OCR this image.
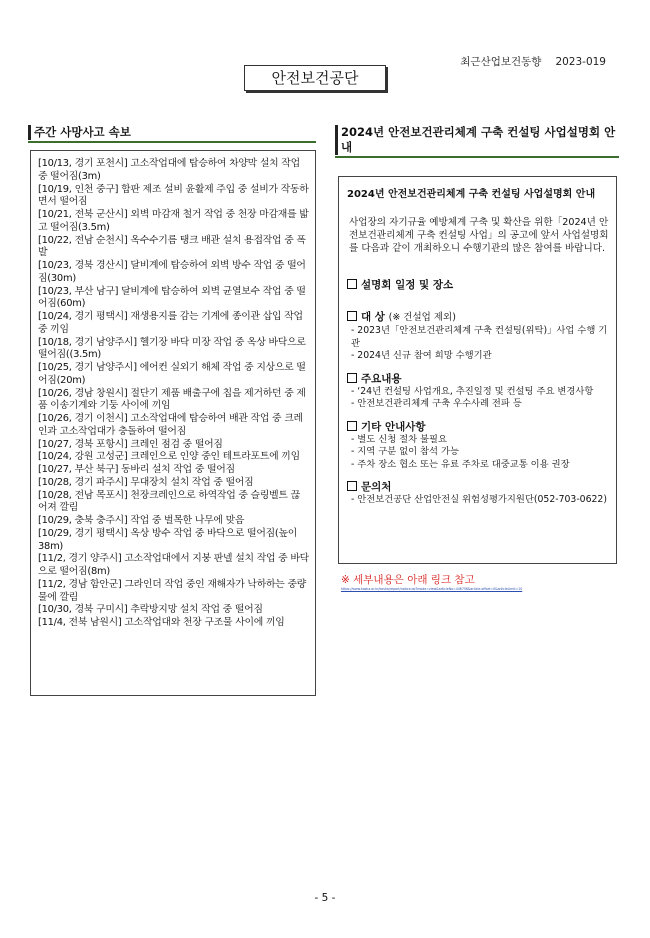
최근산업보건동향 2023-019
안전보건공단
주간 사망사고 속보
[10/13, 경기 포천시] 고소작업대에 탑승하여 차양막 설치 작업 중 떨어짐(3m)
[10/19, 인천 중구] 합판 제조 설비 윤활제 주입 중 설비가 작동하면서 떨어짐
[10/21, 전북 군산시] 외벽 마감재 철거 작업 중 천장 마감재를 밟고 떨어짐(3.5m)
[10/22, 전남 순천시] 옥수수기름 탱크 배관 설치 용접작업 중 폭발
[10/23, 경북 경산시] 달비계에 탑승하여 외벽 방수 작업 중 떨어짐(30m)
[10/23, 부산 남구] 달비계에 탑승하여 외벽 균열보수 작업 중 떨어짐(60m)
[10/24, 경기 평택시] 재생용지를 감는 기계에 종이관 삽입 작업 중 끼임
[10/18, 경기 남양주시] 헬기장 바닥 미장 작업 중 옥상 바닥으로 떨어짐((3.5m)
[10/25, 경기 남양주시] 에어컨 실외기 해체 작업 중 지상으로 떨어짐(20m)
[10/26, 경남 창원시] 절단기 제품 배출구에 칩을 제거하던 중 제품 이송기계와 기둥 사이에 끼임
[10/26, 경기 이천시] 고소작업대에 탑승하여 배관 작업 중 크레인과 고소작업대가 충돌하여 떨어짐
[10/27, 경북 포항시] 크레인 점검 중 떨어짐
[10/24, 강원 고성군] 크레인으로 인양 중인 테트라포트에 끼임
[10/27, 부산 북구] 동바리 설치 작업 중 떨어짐
[10/28, 경기 파주시] 무대장치 설치 작업 중 떨어짐
[10/28, 전남 목포시] 천장크레인으로 하역작업 중 슬링벨트 끊어져 깔림
[10/29, 충북 충주시] 작업 중 벌목한 나무에 맞음
[10/29, 경기 평택시] 옥상 방수 작업 중 바닥으로 떨어짐(높이 38m)
[11/2, 경기 양주시] 고소작업대에서 지붕 판넬 설치 작업 중 바닥으로 떨어짐(8m)
[11/2, 경남 함안군] 그라인더 작업 중인 재해자가 낙하하는 중량물에 깔림
[10/30, 경북 구미시] 추락방지망 설치 작업 중 떨어짐
[11/4, 전북 남원시] 고소작업대와 천장 구조물 사이에 끼임
2024년 안전보건관리체계 구축 컨설팅 사업설명회 안내
2024년 안전보건관리체계 구축 컨설팅 사업설명회 안내
사업장의 자기규율 예방체계 구축 및 확산을 위한「2024년 안전보건관리체계 구축 컨설팅 사업」의 공고에 앞서 사업설명회를 다음과 같이 개최하오니 수행기관의 많은 참여를 바랍니다.
설명회 일정 및 장소
대 상 (※ 건설업 제외)
- 2023년「안전보건관리체계 구축 컨설팅(위탁)」사업 수행 기관
- 2024년 신규 참여 희망 수행기관
주요내용
- ‘24년 컨설팅 사업개요, 추진일정 및 컨설팅 주요 변경사항
- 안전보건관리체계 구축 우수사례 전파 등
기타 안내사항
- 별도 신청 절차 불필요
- 지역 구분 없이 참석 가능
- 주차 장소 협소 또는 유료 주차로 대중교통 이용 권장
문의처
- 안전보건공단 산업안전실 위험성평가지원단(052-703-0622)
※ 세부내용은 아래 링크 참고
https://www.kosha.or.kr/kosha/report/notice.do?mode=view&articleNo=446756&article.offset=0&articleLimit=10
- 5 -
